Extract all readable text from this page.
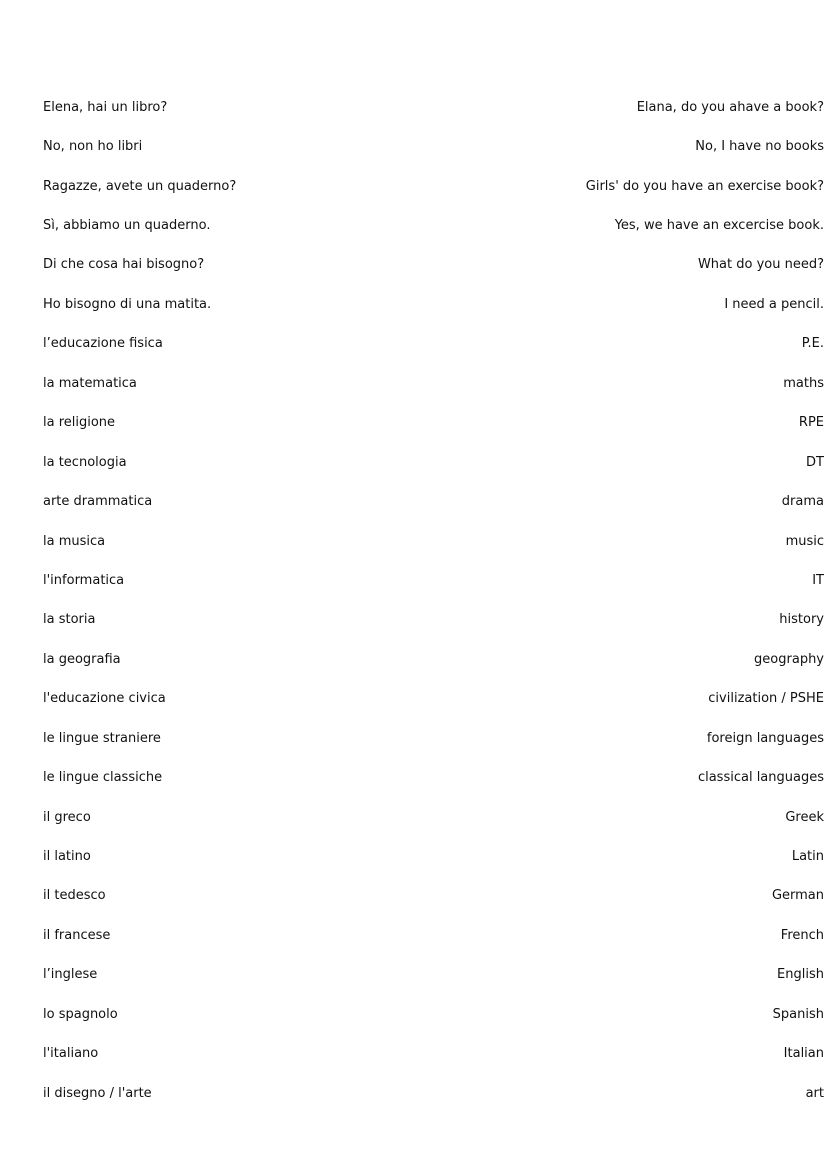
Elena, hai un libro?	Elana, do you ahave a book?
No, non ho libri	No, I have no books
Ragazze, avete un quaderno?	Girls' do you have an exercise book?
Sì, abbiamo un quaderno.	Yes, we have an excercise book.
Di che cosa hai bisogno?	What do you need?
Ho bisogno di una matita.	I need a pencil.
l’educazione fisica	P.E.
la matematica	maths
la religione	RPE
la tecnologia	DT
arte drammatica	drama
la musica	music
l'informatica	IT
la storia	history
la geografia	geography
l'educazione civica	civilization / PSHE
le lingue straniere	foreign languages
le lingue classiche	classical languages
il greco	Greek
il latino	Latin
il tedesco	German
il francese	French
l’inglese	English
lo spagnolo	Spanish
l'italiano	Italian
il disegno / l'arte	art
